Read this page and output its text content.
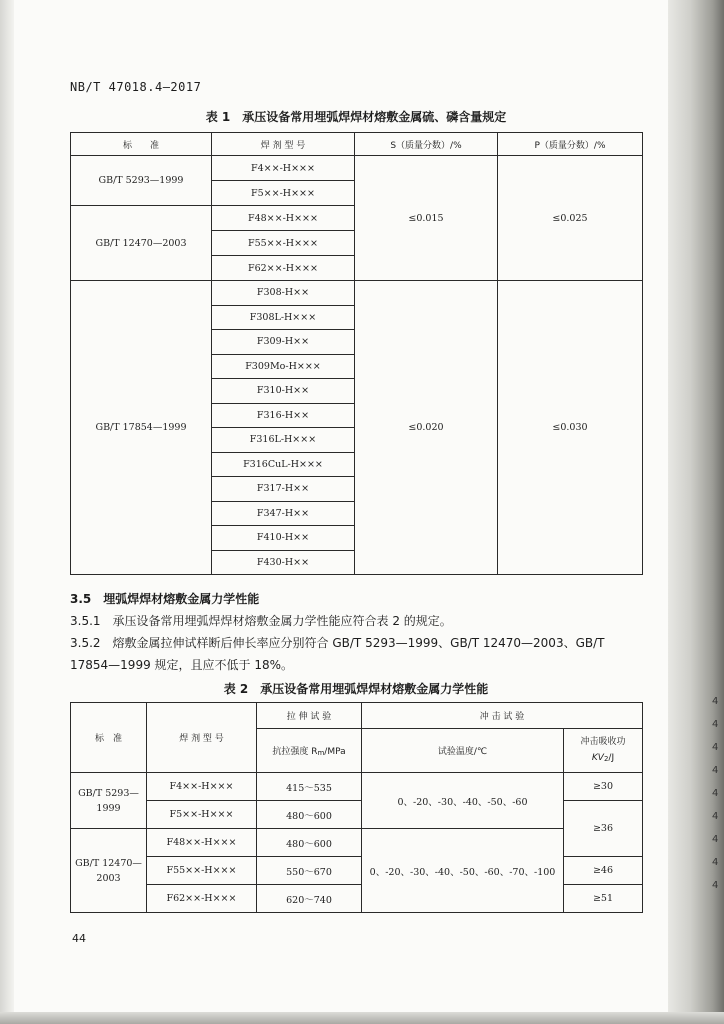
4
4
4
4
4
4
4
4
4
NB/T 47018.4—2017
表 1　承压设备常用埋弧焊焊材熔敷金属硫、磷含量规定
标　　准	焊 剂 型 号	S（质量分数）/%	P（质量分数）/%
GB/T 5293—1999	F4××-H×××	≤0.015	≤0.025
	F5××-H×××		
GB/T 12470—2003	F48××-H×××		
	F55××-H×××		
	F62××-H×××		
GB/T 17854—1999	F308-H××	≤0.020	≤0.030
	F308L-H×××		
	F309-H××		
	F309Mo-H×××		
	F310-H××		
	F316-H××		
	F316L-H×××		
	F316CuL-H×××		
	F317-H××		
	F347-H××		
	F410-H××		
	F430-H××		
3.5　埋弧焊焊材熔敷金属力学性能
3.5.1　承压设备常用埋弧焊焊材熔敷金属力学性能应符合表 2 的规定。
3.5.2　熔敷金属拉伸试样断后伸长率应分别符合 GB/T 5293—1999、GB/T 12470—2003、GB/T
17854—1999 规定，且应不低于 18%。
表 2　承压设备常用埋弧焊焊材熔敷金属力学性能
标　准	焊 剂 型 号	拉 伸 试 验	冲 击 试 验	
		抗拉强度 Rm/MPa	试验温度/℃	冲击吸收功
KV2/J

GB/T 5293—
1999	F4××-H×××	415～535	0、-20、-30、-40、-50、-60	≥30
	F5××-H×××	480～600		≥36

GB/T 12470—
2003	F48××-H×××	480～600	0、-20、-30、-40、-50、-60、-70、-100	
	F55××-H×××	550～670		≥46
	F62××-H×××	620～740		≥51
44
